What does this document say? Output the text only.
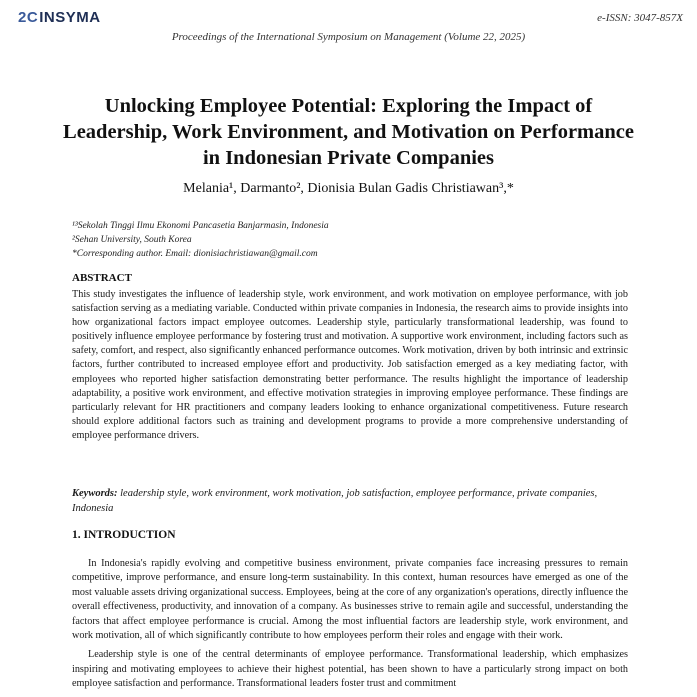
2C INSYMA	e-ISSN: 3047-857X
Proceedings of the International Symposium on Management (Volume 22, 2025)
Unlocking Employee Potential: Exploring the Impact of Leadership, Work Environment, and Motivation on Performance in Indonesian Private Companies
Melania¹, Darmanto², Dionisia Bulan Gadis Christiawan³,*
¹³Sekolah Tinggi Ilmu Ekonomi Pancasetia Banjarmasin, Indonesia
²Sehan University, South Korea
*Corresponding author. Email: dionisiachristiawan@gmail.com
ABSTRACT
This study investigates the influence of leadership style, work environment, and work motivation on employee performance, with job satisfaction serving as a mediating variable. Conducted within private companies in Indonesia, the research aims to provide insights into how organizational factors impact employee outcomes. Leadership style, particularly transformational leadership, was found to positively influence employee performance by fostering trust and motivation. A supportive work environment, including factors such as safety, comfort, and respect, also significantly enhanced performance outcomes. Work motivation, driven by both intrinsic and extrinsic factors, further contributed to increased employee effort and productivity. Job satisfaction emerged as a key mediating factor, with employees who reported higher satisfaction demonstrating better performance. The results highlight the importance of leadership adaptability, a positive work environment, and effective motivation strategies in improving employee performance. These findings are particularly relevant for HR practitioners and company leaders looking to enhance organizational competitiveness. Future research should explore additional factors such as training and development programs to provide a more comprehensive understanding of employee performance drivers.
Keywords: leadership style, work environment, work motivation, job satisfaction, employee performance, private companies, Indonesia
1. INTRODUCTION

In Indonesia's rapidly evolving and competitive business environment, private companies face increasing pressures to remain competitive, improve performance, and ensure long-term sustainability. In this context, human resources have emerged as one of the most valuable assets driving organizational success. Employees, being at the core of any organization's operations, directly influence the overall effectiveness, productivity, and innovation of a company. As businesses strive to remain agile and successful, understanding the factors that affect employee performance is crucial. Among the most influential factors are leadership style, work environment, and work motivation, all of which significantly contribute to how employees perform their roles and engage with their work.

Leadership style is one of the central determinants of employee performance. Transformational leadership, which emphasizes inspiring and motivating employees to achieve their highest potential, has been shown to have a particularly strong impact on both employee satisfaction and performance. Transformational leaders foster trust and commitment
